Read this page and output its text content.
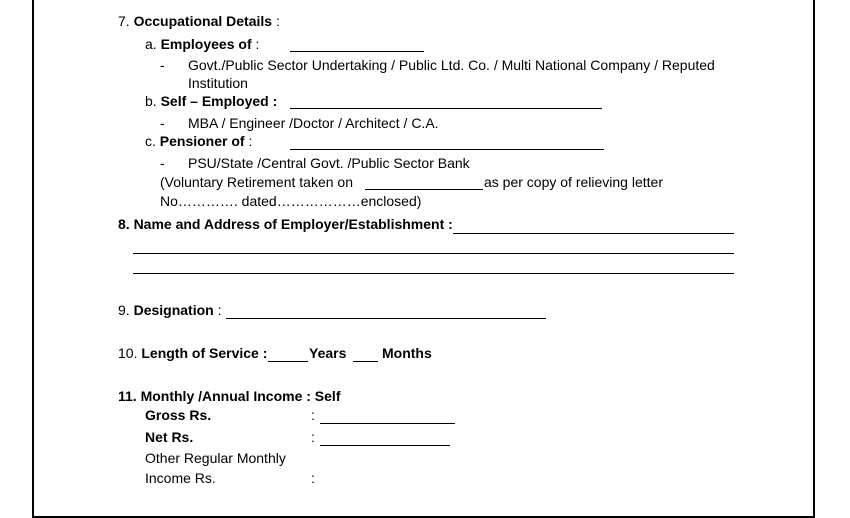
7. Occupational Details :
a. Employees of :
- Govt./Public Sector Undertaking / Public Ltd. Co. / Multi National Company / Reputed
Institution
b. Self – Employed :
- MBA / Engineer /Doctor / Architect / C.A.
c. Pensioner of :
- PSU/State /Central Govt. /Public Sector Bank
(Voluntary Retirement taken on	as per copy of relieving letter
No…………. dated………………enclosed)
8. Name and Address of Employer/Establishment :
9. Designation :
10. Length of Service :	Years	Months
11. Monthly /Annual Income : Self
Gross Rs.	:
Net Rs.	:
Other Regular Monthly
Income Rs.	:
